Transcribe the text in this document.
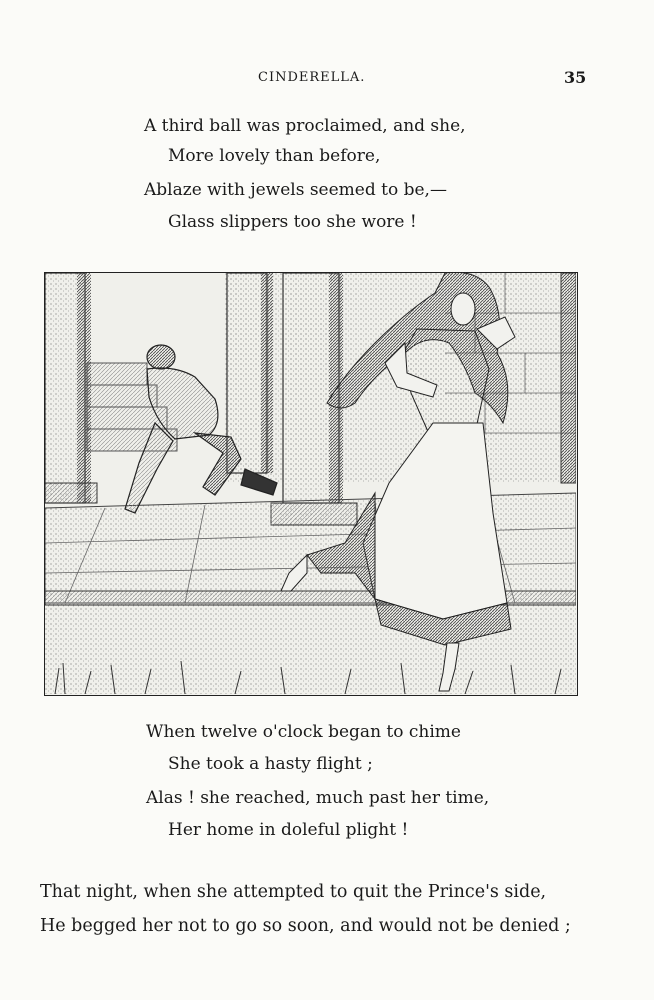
CINDERELLA.	35
A third ball was proclaimed, and she,
More lovely than before,
Ablaze with jewels seemed to be,—
Glass slippers too she wore !
When twelve o'clock began to chime
She took a hasty flight ;
Alas ! she reached, much past her time,
Her home in doleful plight !
That night, when she attempted to quit the Prince's side,
He begged her not to go so soon, and would not be denied ;
